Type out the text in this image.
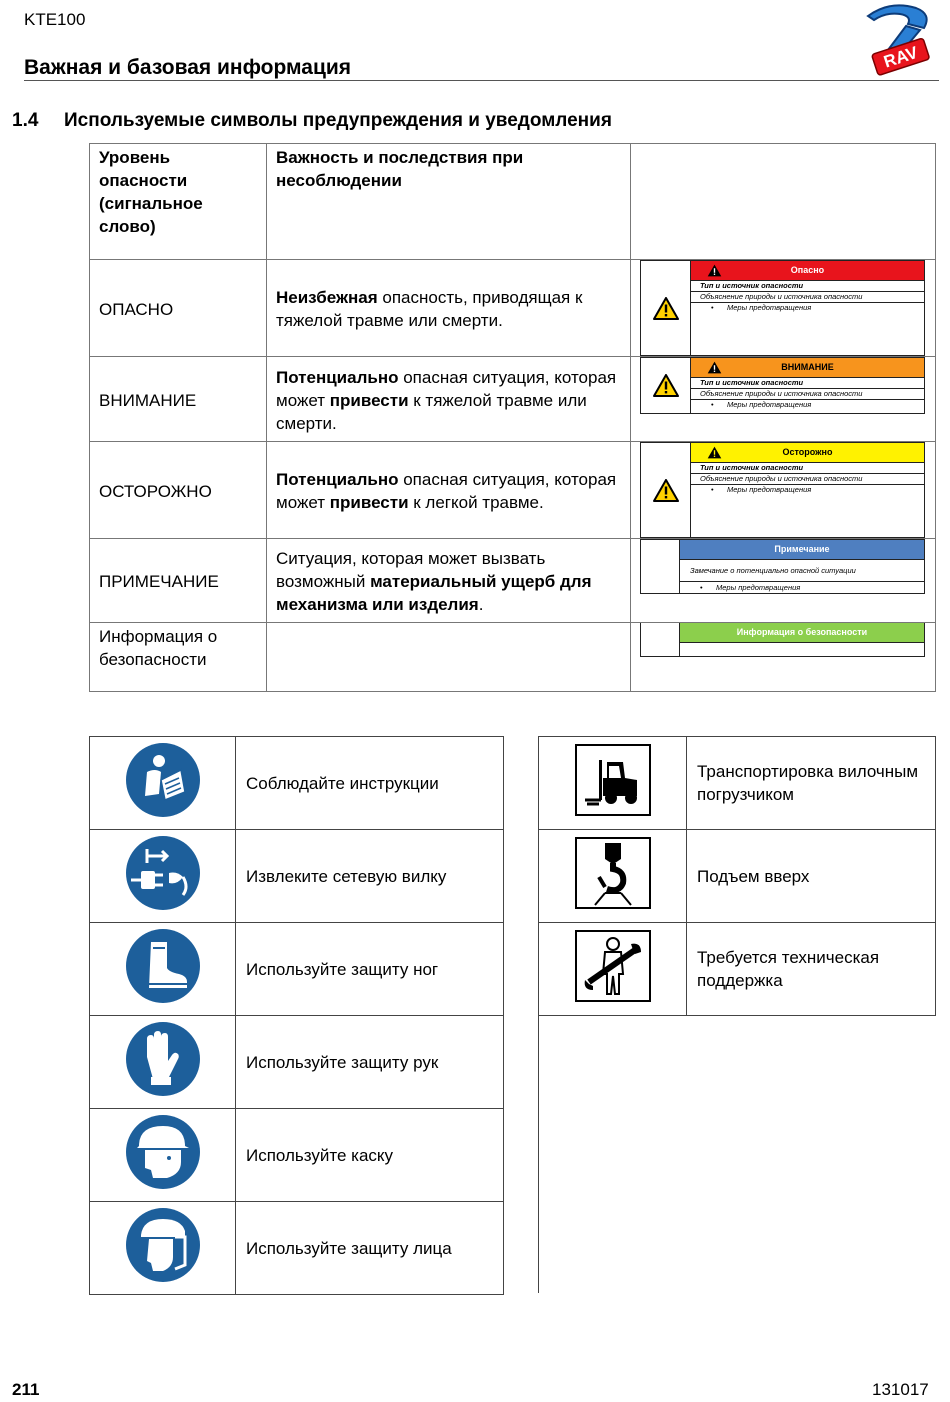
KTE100
Важная и базовая информация	RAV
1.4 Используемые символы предупреждения и уведомления
Уровень опасности (сигнальное слово)	Важность и последствия при несоблюдении	
ОПАСНО	Неизбежная опасность, приводящая к тяжелой травме или смерти.	Опасно
Тип и источник опасности
Объяснение природы и источника опасности
• Меры предотвращения

ВНИМАНИЕ	Потенциально опасная ситуация, которая может привести к тяжелой травме или смерти.	ВНИМАНИЕ
Тип и источник опасности
Объяснение природы и источника опасности
• Меры предотвращения

ОСТОРОЖНО	Потенциально опасная ситуация, которая может привести к легкой травме.	Осторожно
Тип и источник опасности
Объяснение природы и источника опасности
• Меры предотвращения

ПРИМЕЧАНИЕ	Ситуация, которая может вызвать возможный материальный ущерб для механизма или изделия.	Примечание
Замечание о потенциально опасной ситуации
• Меры предотвращения

Информация о безопасности		Информация о безопасности
	Соблюдайте инструкции
	Извлеките сетевую вилку
	Используйте защиту ног
	Используйте защиту рук
	Используйте каску
	Используйте защиту лица
	Транспортировка вилочным погрузчиком
	Подъем вверх
	Требуется техническая поддержка
211	131017
